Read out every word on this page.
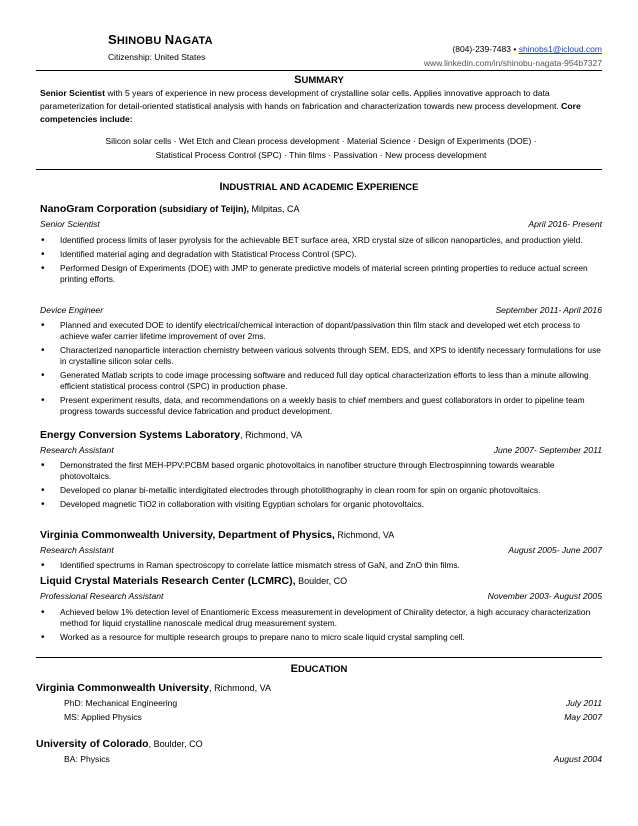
SHINOBU NAGATA
Citizenship: United States
(804)-239-7483 • shinobs1@icloud.com
www.linkedin.com/in/shinobu-nagata-954b7327
SUMMARY
Senior Scientist with 5 years of experience in new process development of crystalline solar cells. Applies innovative approach to data parameterization for detail-oriented statistical analysis with hands on fabrication and characterization towards new process development. Core competencies include:
Silicon solar cells · Wet Etch and Clean process development · Material Science · Design of Experiments (DOE) ·
Statistical Process Control (SPC) · Thin films · Passivation · New process development
INDUSTRIAL AND ACADEMIC EXPERIENCE
NanoGram Corporation (subsidiary of Teijin), Milpitas, CA
Senior Scientist	April 2016- Present
• Identified process limits of laser pyrolysis for the achievable BET surface area, XRD crystal size of silicon nanoparticles, and production yield.
• Identified material aging and degradation with Statistical Process Control (SPC).
• Performed Design of Experiments (DOE) with JMP to generate predictive models of material screen printing properties to reduce actual screen printing efforts.
Device Engineer	September 2011- April 2016
• Planned and executed DOE to identify electrical/chemical interaction of dopant/passivation thin film stack and developed wet etch process to achieve wafer carrier lifetime improvement of over 2ms.
• Characterized nanoparticle interaction chemistry between various solvents through SEM, EDS, and XPS to identify necessary formulations for use in crystalline silicon solar cells.
• Generated Matlab scripts to code image processing software and reduced full day optical characterization efforts to less than a minute allowing efficient statistical process control (SPC) in production phase.
• Present experiment results, data, and recommendations on a weekly basis to chief members and guest collaborators in order to pipeline team progress towards successful device fabrication and product development.
Energy Conversion Systems Laboratory, Richmond, VA
Research Assistant	June 2007- September 2011
• Demonstrated the first MEH-PPV:PCBM based organic photovoltaics in nanofiber structure through Electrospinning towards wearable photovoltaics.
• Developed co planar bi-metallic interdigitated electrodes through photolithography in clean room for spin on organic photovoltaics.
• Developed magnetic TiO2 in collaboration with visiting Egyptian scholars for organic photovoltaics.
Virginia Commonwealth University, Department of Physics, Richmond, VA
Research Assistant	August 2005- June 2007
• Identified spectrums in Raman spectroscopy to correlate lattice mismatch stress of GaN, and ZnO thin films.
Liquid Crystal Materials Research Center (LCMRC), Boulder, CO
Professional Research Assistant	November 2003- August 2005
• Achieved below 1% detection level of Enantiomeric Excess measurement in development of Chirality detector, a high accuracy characterization method for liquid crystalline nanoscale medical drug measurement system.
• Worked as a resource for multiple research groups to prepare nano to micro scale liquid crystal sampling cell.
EDUCATION
Virginia Commonwealth University, Richmond, VA
PhD: Mechanical Engineering	July 2011
MS: Applied Physics	May 2007
University of Colorado, Boulder, CO
BA: Physics	August 2004
